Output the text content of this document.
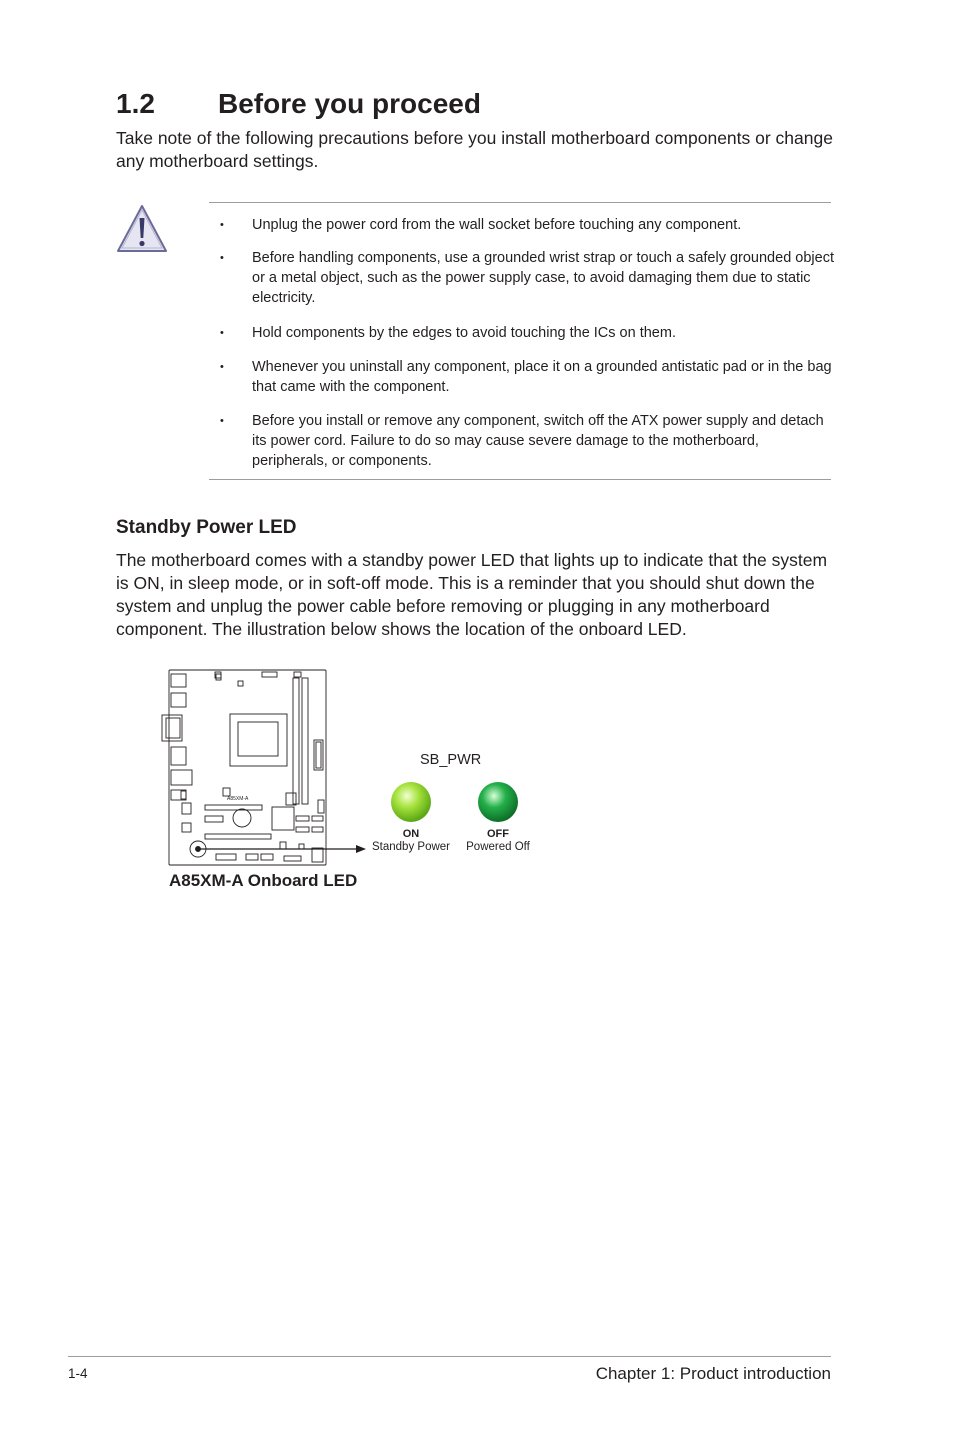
1.2 Before you proceed

Take note of the following precautions before you install motherboard components or change any motherboard settings.

• Unplug the power cord from the wall socket before touching any component.
• Before handling components, use a grounded wrist strap or touch a safely grounded object or a metal object, such as the power supply case, to avoid damaging them due to static electricity.
• Hold components by the edges to avoid touching the ICs on them.
• Whenever you uninstall any component, place it on a grounded antistatic pad or in the bag that came with the component.
• Before you install or remove any component, switch off the ATX power supply and detach its power cord. Failure to do so may cause severe damage to the motherboard, peripherals, or components.
Standby Power LED

The motherboard comes with a standby power LED that lights up to indicate that the system is ON, in sleep mode, or in soft-off mode. This is a reminder that you should shut down the system and unplug the power cable before removing or plugging in any motherboard component. The illustration below shows the location of the onboard LED.

A85XM-A
SB_PWR
ON
Standby Power
OFF
Powered Off
A85XM-A Onboard LED
1-4	Chapter 1: Product introduction
